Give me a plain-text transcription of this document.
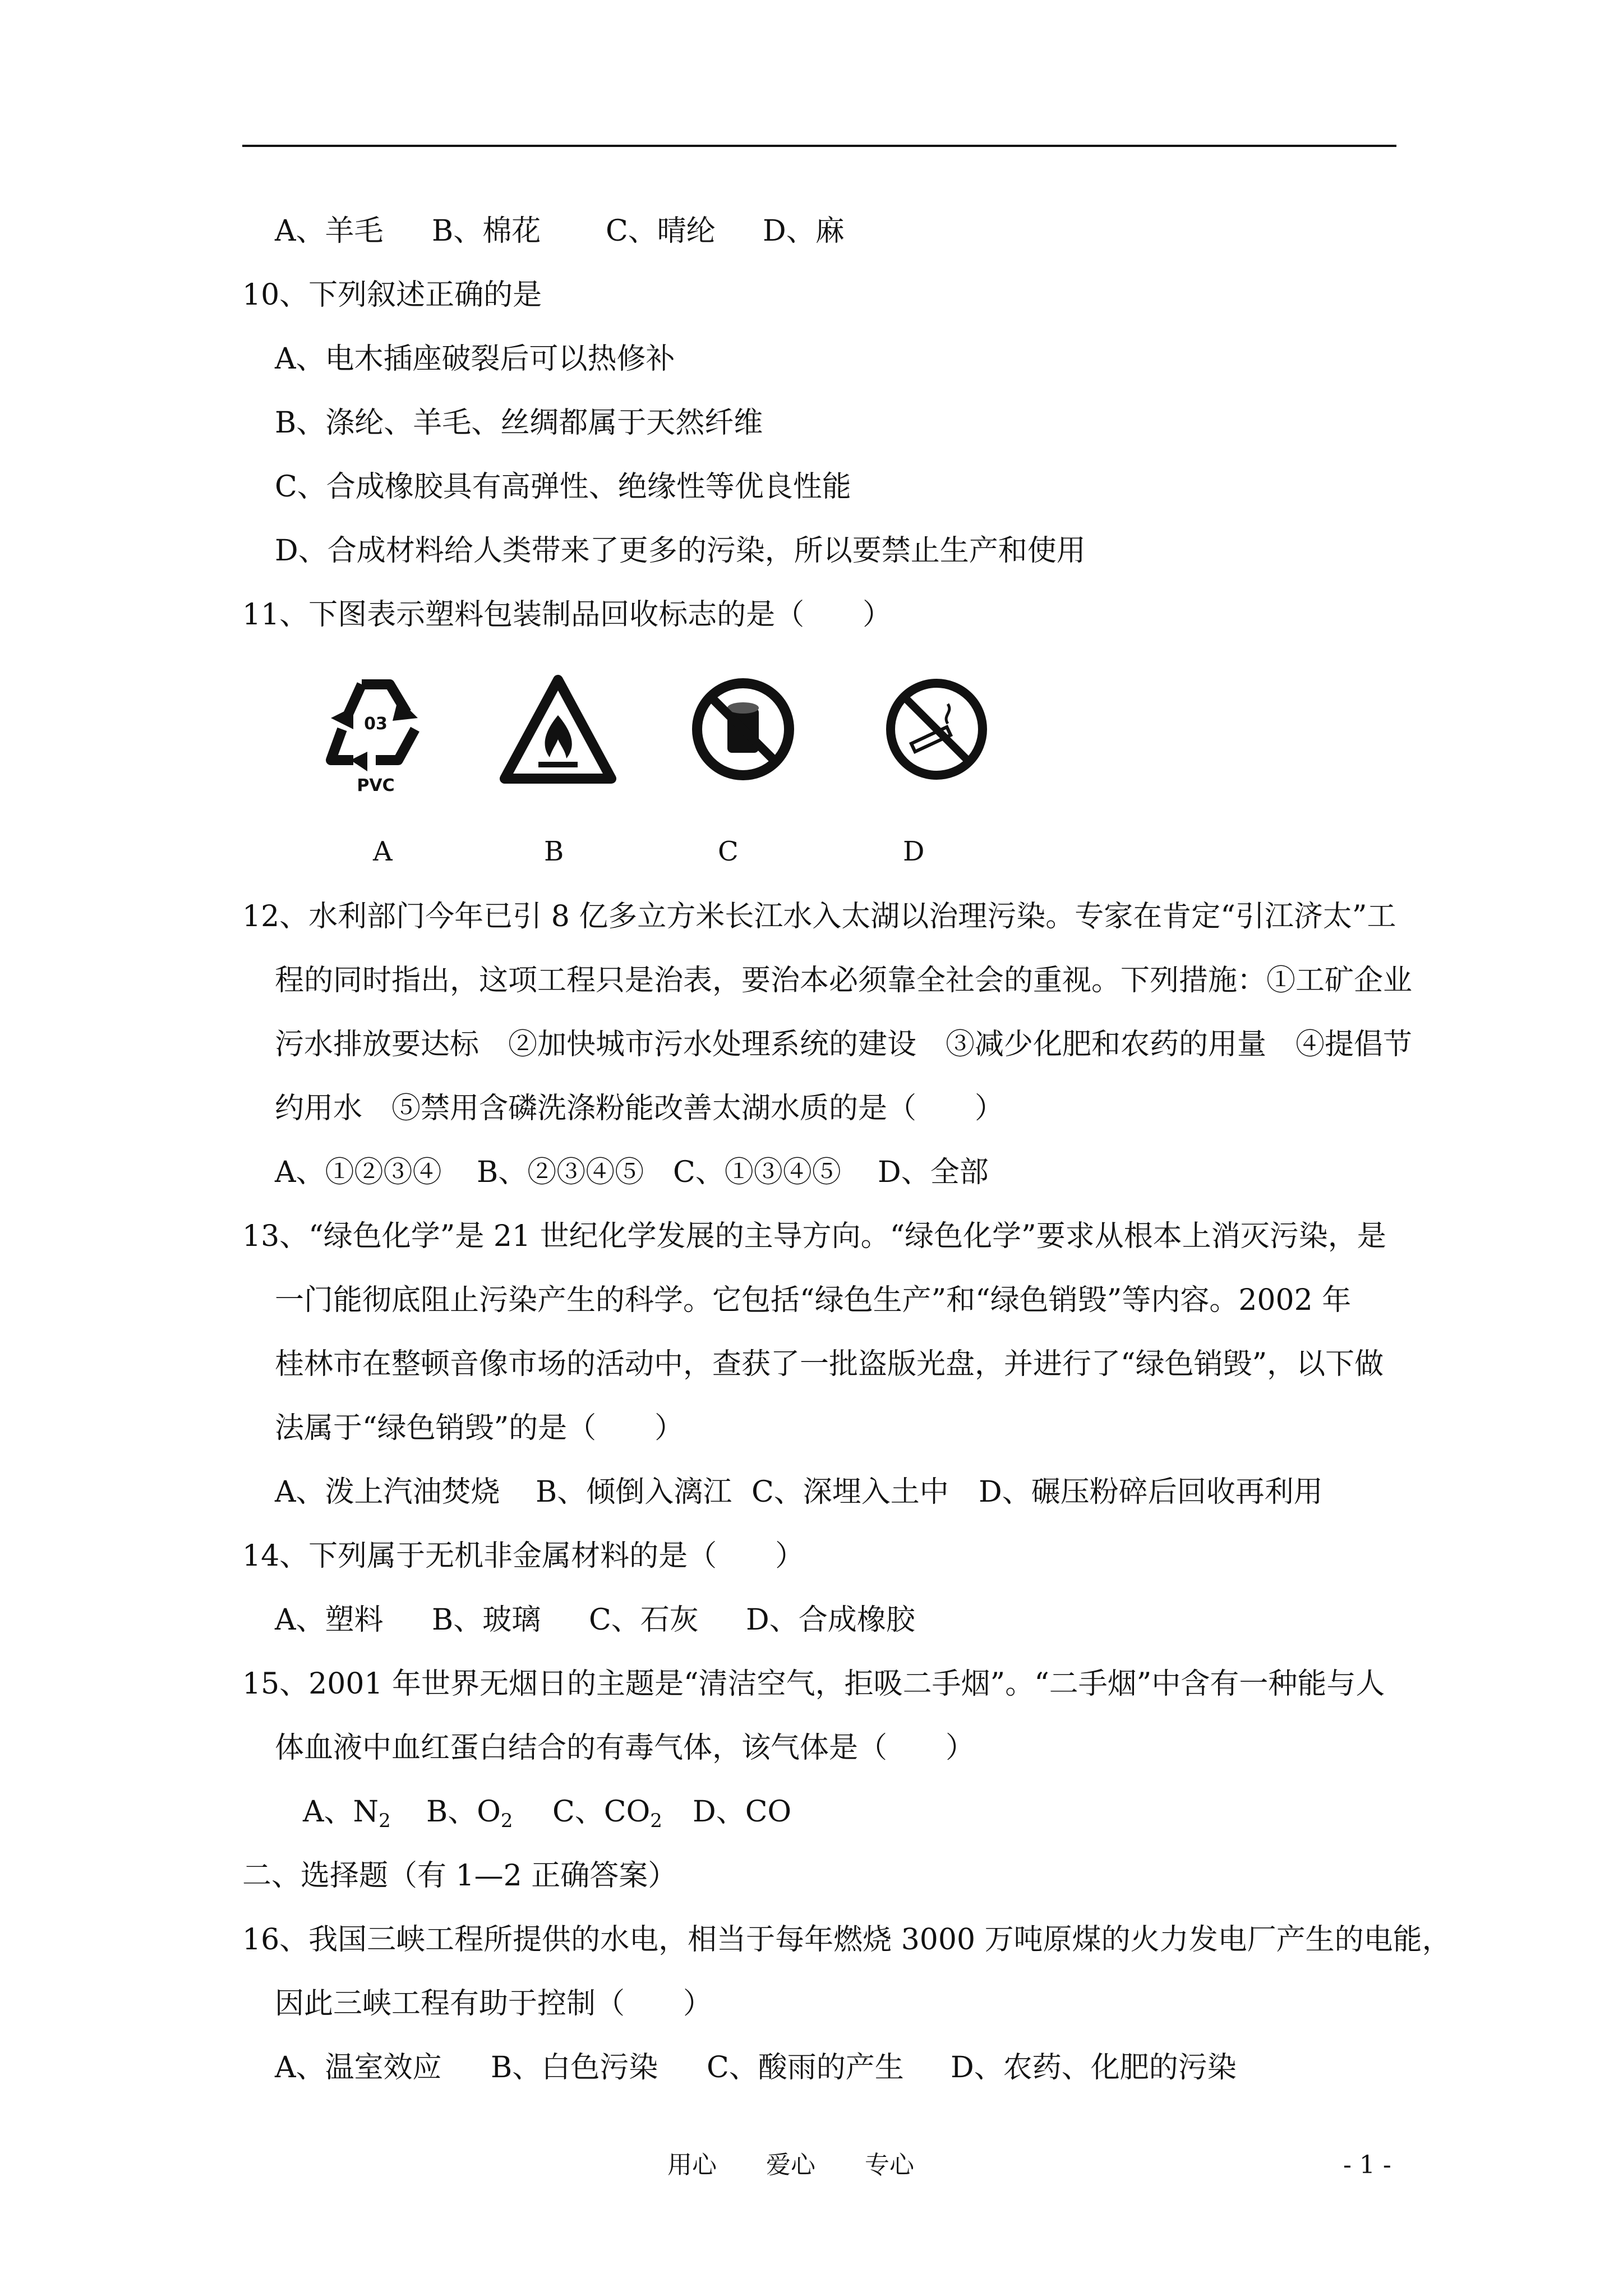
A、羊毛 B、棉花 C、晴纶 D、麻
10、下列叙述正确的是
A、电木插座破裂后可以热修补
B、涤纶、羊毛、丝绸都属于天然纤维
C、合成橡胶具有高弹性、绝缘性等优良性能
D、合成材料给人类带来了更多的污染，所以要禁止生产和使用
11、下图表示塑料包装制品回收标志的是（　　）
03
PVC
A	B	C	D
12、水利部门今年已引 8 亿多立方米长江水入太湖以治理污染。专家在肯定“引江济太”工
程的同时指出，这项工程只是治表，要治本必须靠全社会的重视。下列措施：①工矿企业
污水排放要达标　②加快城市污水处理系统的建设　③减少化肥和农药的用量　④提倡节
约用水　⑤禁用含磷洗涤粉能改善太湖水质的是（　　）
A、①②③④ B、②③④⑤ C、①③④⑤ D、全部
13、“绿色化学”是 21 世纪化学发展的主导方向。“绿色化学”要求从根本上消灭污染，是
一门能彻底阻止污染产生的科学。它包括“绿色生产”和“绿色销毁”等内容。2002 年
桂林市在整顿音像市场的活动中，查获了一批盗版光盘，并进行了“绿色销毁”，以下做
法属于“绿色销毁”的是（　　）
A、泼上汽油焚烧 B、倾倒入漓江 C、深埋入土中 D、碾压粉碎后回收再利用
14、下列属于无机非金属材料的是（　　）
A、塑料 B、玻璃 C、石灰 D、合成橡胶
15、2001 年世界无烟日的主题是“清洁空气，拒吸二手烟”。“二手烟”中含有一种能与人
体血液中血红蛋白结合的有毒气体，该气体是（　　）
A、$N_2$ B、$O_2$ C、$CO_2$ D、CO
二、选择题（有 1—2 正确答案）
16、我国三峡工程所提供的水电，相当于每年燃烧 3000 万吨原煤的火力发电厂产生的电能，
因此三峡工程有助于控制（　　）
A、温室效应 B、白色污染 C、酸雨的产生 D、农药、化肥的污染
用心　　爱心　　专心	- 1 -
